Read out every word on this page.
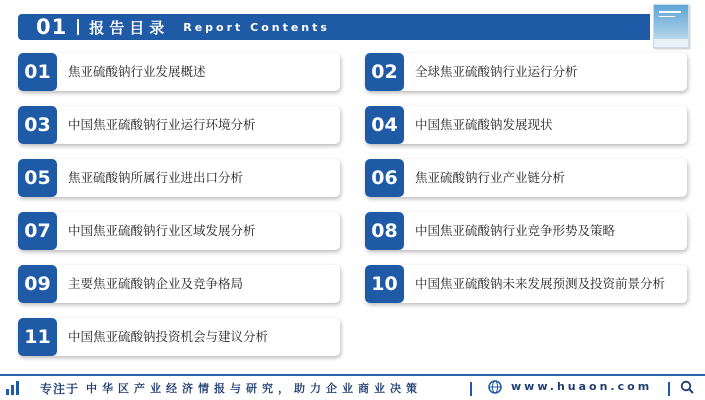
01 报告目录 Report Contents
01	焦亚硫酸钠行业发展概述	02	全球焦亚硫酸钠行业运行分析
03	中国焦亚硫酸钠行业运行环境分析	04	中国焦亚硫酸钠发展现状
05	焦亚硫酸钠所属行业进出口分析	06	焦亚硫酸钠行业产业链分析
07	中国焦亚硫酸钠行业区域发展分析	08	中国焦亚硫酸钠行业竞争形势及策略
09	主要焦亚硫酸钠企业及竞争格局	10	中国焦亚硫酸钠未来发展预测及投资前景分析
11	中国焦亚硫酸钠投资机会与建议分析
专注于 中华区产业经济情报与研究，助力企业商业决策	www.huaon.com
